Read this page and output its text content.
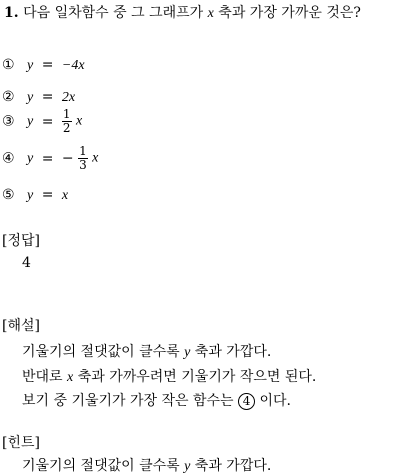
1. 다음 일차함수 중 그 그래프가 x 축과 가장 가까운 것은?
① y = −4x
② y = 2x
③ $y = \frac{1}{2}$ x
④ y = − $\frac{1}{3}$ x
⑤ y = x
[정답]
4
[해설]
기울기의 절댓값이 클수록 y 축과 가깝다.
반대로 x 축과 가까우려면 기울기가 작으면 된다.
보기 중 기울기가 가장 작은 함수는 4 이다.
[힌트]
기울기의 절댓값이 클수록 y 축과 가깝다.
